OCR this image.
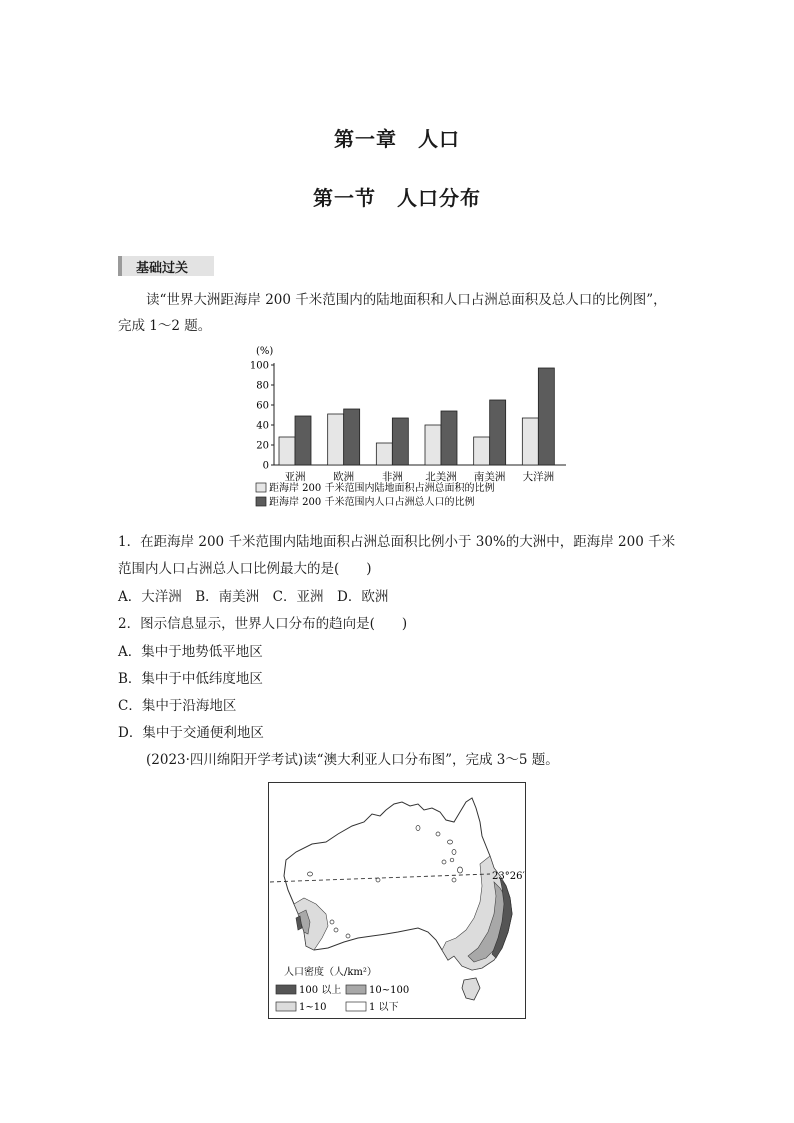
第一章　人口
第一节　人口分布
基础过关
读“世界大洲距海岸 200 千米范围内的陆地面积和人口占洲总面积及总人口的比例图”，
完成 1～2 题。
(%)
0
20
40
60
80
100
亚洲	欧洲	非洲 北美洲 南美洲 大洋洲
距海岸 200 千米范围内陆地面积占洲总面积的比例
距海岸 200 千米范围内人口占洲总人口的比例
1．在距海岸 200 千米范围内陆地面积占洲总面积比例小于 30%的大洲中，距海岸 200 千米
范围内人口占洲总人口比例最大的是(　　)
A．大洋洲　B．南美洲　C．亚洲　D．欧洲
2．图示信息显示，世界人口分布的趋向是(　　)
A．集中于地势低平地区
B．集中于中低纬度地区
C．集中于沿海地区
D．集中于交通便利地区
(2023·四川绵阳开学考试)读“澳大利亚人口分布图”，完成 3～5 题。
23°26′
人口密度（人/km²）
100 以上	10~100
1~10	1 以下
